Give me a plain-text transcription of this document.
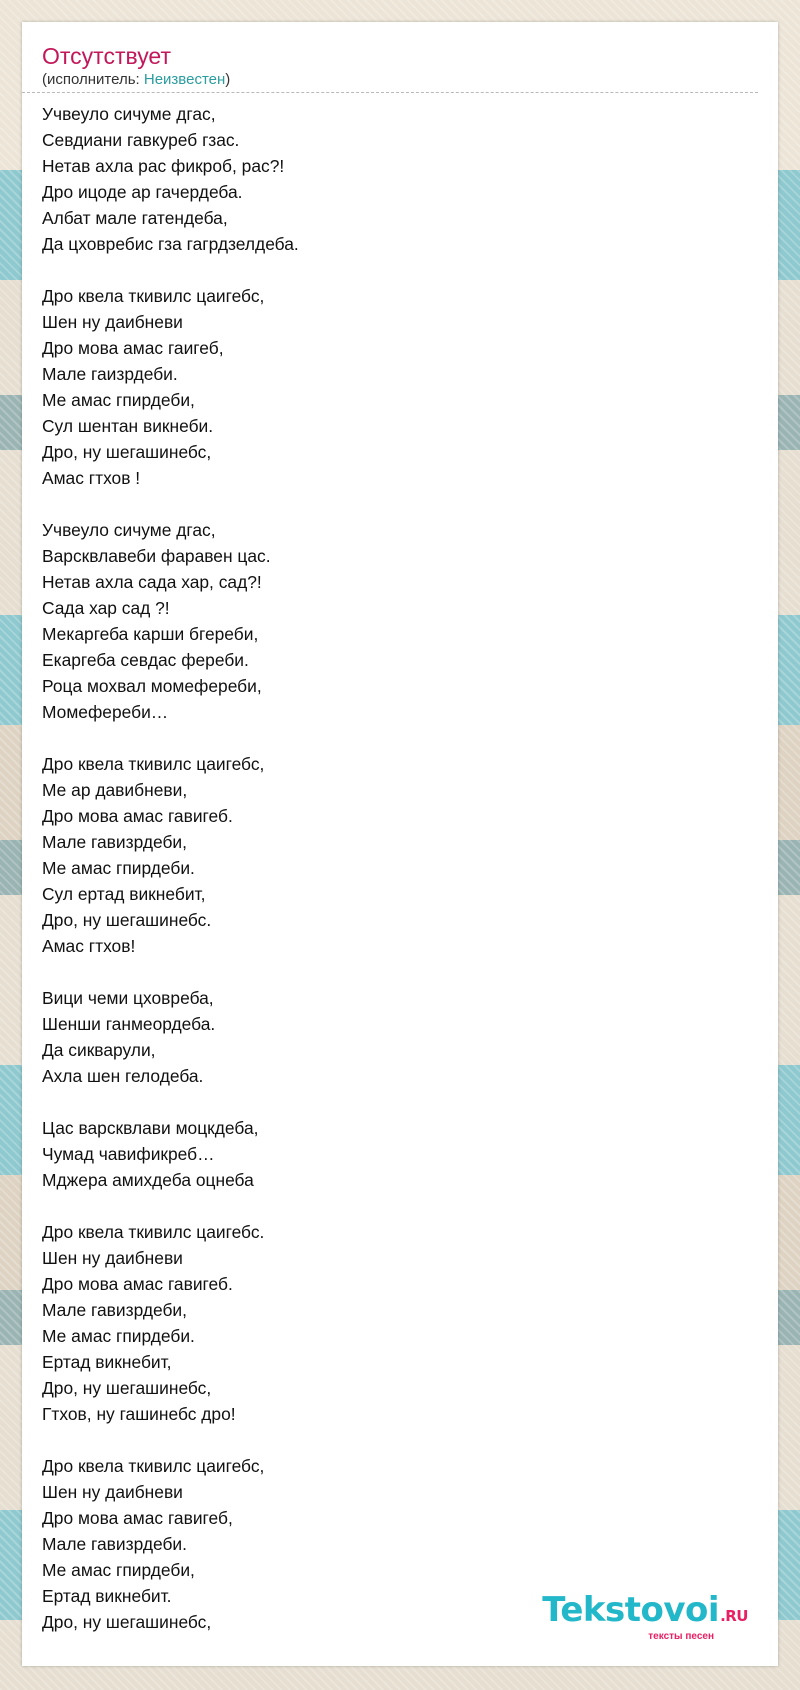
Отсутствует
(исполнитель: Неизвестен)
Учвеуло сичуме дгас,
Севдиани гавкуреб гзас.
Нетав ахла рас фикроб, рас?!
Дро ицоде ар гачердеба.
Албат мале гатендеба,
Да цховребис гза гагрдзелдеба.
Дро квела ткивилс цаигебс,
Шен ну даибневи
Дро мова амас гаигеб,
Мале гаизрдеби.
Ме амас гпирдеби,
Сул шентан викнеби.
Дро, ну шегашинебс,
Амас гтхов !
Учвеуло сичуме дгас,
Варсквлавеби фаравен цас.
Нетав ахла сада хар, сад?!
Сада хар сад ?!
Мекаргеба карши бгереби,
Екаргеба севдас фереби.
Роца мохвал момефереби,
Момефереби…
Дро квела ткивилс цаигебс,
Ме ар давибневи,
Дро мова амас гавигеб.
Мале гавизрдеби,
Ме амас гпирдеби.
Сул ертад викнебит,
Дро, ну шегашинебс.
Амас гтхов!
Вици чеми цховреба,
Шенши ганмеордеба.
Да сикварули,
Ахла шен гелодеба.
Цас варсквлави моцкдеба,
Чумад чавификреб…
Мджера амихдеба оцнеба
Дро квела ткивилс цаигебс.
Шен ну даибневи
Дро мова амас гавигеб.
Мале гавизрдеби,
Ме амас гпирдеби.
Ертад викнебит,
Дро, ну шегашинебс,
Гтхов, ну гашинебс дро!
Дро квела ткивилс цаигебс,
Шен ну даибневи
Дро мова амас гавигеб,
Мале гавизрдеби.
Ме амас гпирдеби,
Ертад викнебит.
Дро, ну шегашинебс,	Tekstovoi.RU
тексты песен
